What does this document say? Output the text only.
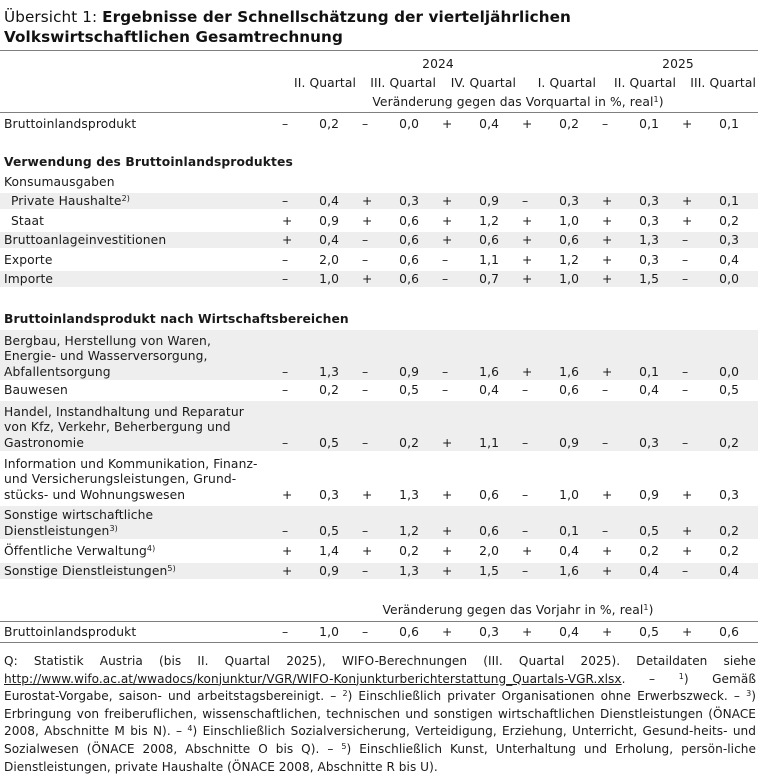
Übersicht 1: Ergebnisse der Schnellschätzung der vierteljährlichen Volkswirtschaftlichen Gesamtrechnung
2024	2025
II. Quartal	III. Quartal	IV. Quartal	I. Quartal	II. Quartal	III. Quartal
Veränderung gegen das Vorquartal in %, real$^1$)
Bruttoinlandsprodukt	–	0,2 –	0,0 + 0,4 + 0,2 –	0,1 + 0,1
Verwendung des Bruttoinlandsproduktes
Konsumausgaben
Private Haushalte$^{2)}$	–	0,4 + 0,3 + 0,9 –	0,3 + 0,3 + 0,1
Staat	+ 0,9 + 0,6 + 1,2 + 1,0 + 0,3 + 0,2
Bruttoanlageinvestitionen	+ 0,4 –	0,6 + 0,6 + 0,6 + 1,3 –	0,3
Exporte	–	2,0 –	0,6 –	1,1 + 1,2 + 0,3 –	0,4
Importe	–	1,0 + 0,6 –	0,7 + 1,0 + 1,5 –	0,0
Bruttoinlandsprodukt nach Wirtschaftsbereichen
Bergbau, Herstellung von Waren,
Energie- und Wasserversorgung,
Abfallentsorgung	–	1,3 –	0,9 –	1,6 + 1,6 + 0,1 –	0,0
Bauwesen	–	0,2 –	0,5 –	0,4 –	0,6 –	0,4 –	0,5
Handel, Instandhaltung und Reparatur
von Kfz, Verkehr, Beherbergung und
Gastronomie	–	0,5 –	0,2 + 1,1 –	0,9 –	0,3 –	0,2
Information und Kommunikation, Finanz-
und Versicherungsleistungen, Grund-
stücks- und Wohnungswesen	+ 0,3 + 1,3 + 0,6 –	1,0 + 0,9 + 0,3
Sonstige wirtschaftliche
Dienstleistungen$^{3)}$	–	0,5 –	1,2 + 0,6 –	0,1 –	0,5 + 0,2
Öffentliche Verwaltung$^{4)}$	+ 1,4 + 0,2 + 2,0 + 0,4 + 0,2 + 0,2
Sonstige Dienstleistungen$^{5)}$	+ 0,9 –	1,3 + 1,5 –	1,6 + 0,4 –	0,4
Bruttoinlandsprodukt	–	1,0 –	0,6 + 0,3 + 0,4 + 0,5 + 0,6
Veränderung gegen das Vorjahr in %, real$^1$)
Q: Statistik Austria (bis II. Quartal 2025), WIFO-Berechnungen (III. Quartal 2025). Detaildaten siehe http://www.wifo.ac.at/wwadocs/konjunktur/VGR/WIFO-Konjunkturberichterstattung_Quartals-VGR.xlsx. – $^1$) Gemäß Eurostat-Vorgabe, saison- und arbeitstagsbereinigt. – $^2$) Einschließlich privater Organisationen ohne Erwerbszweck. – $^3$) Erbringung von freiberuflichen, wissenschaftlichen, technischen und sonstigen wirtschaftlichen Dienstleistungen (ÖNACE 2008, Abschnitte M bis N). – $^4$) Einschließlich Sozialversicherung, Verteidigung, Erziehung, Unterricht, Gesund-heits- und Sozialwesen (ÖNACE 2008, Abschnitte O bis Q). – $^5$) Einschließlich Kunst, Unterhaltung und Erholung, persön-liche Dienstleistungen, private Haushalte (ÖNACE 2008, Abschnitte R bis U).
